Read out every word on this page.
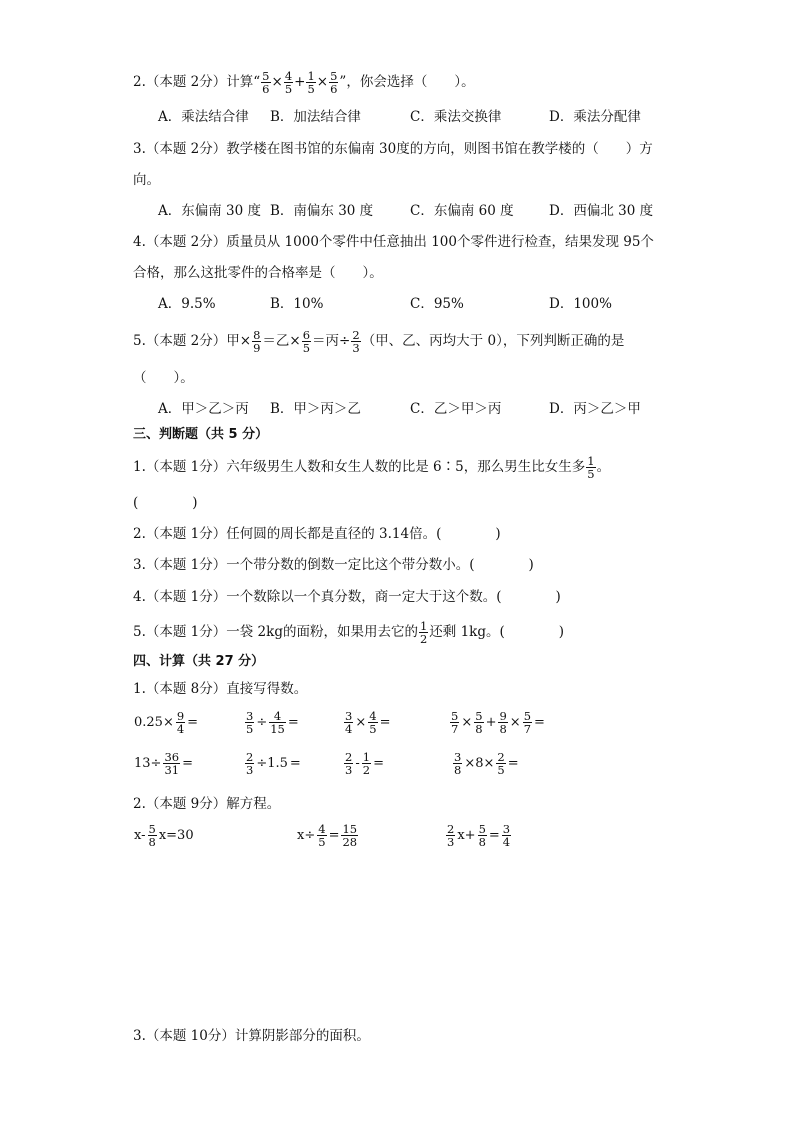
2.（本题 2分）计算“ $\frac{5}{6} \times \frac{4}{5} + \frac{1}{5} \times \frac{5}{6}$ ”，你会选择（　　）。
A．乘法结合律 B．加法结合律	C．乘法交换律	D．乘法分配律
3.（本题 2分）教学楼在图书馆的东偏南 30度的方向，则图书馆在教学楼的（　　）方
向。
A．东偏南 30 度 B．南偏东 30 度	C．东偏南 60 度	D．西偏北 30 度
4.（本题 2分）质量员从 1000个零件中任意抽出 100个零件进行检查，结果发现 95个
合格，那么这批零件的合格率是（　　）。
A．9.5%	B．10%	C．95%	D．100%
5.（本题 2分）甲× $\frac{8}{9}$ ＝乙× $\frac{6}{5}$ ＝丙÷ $\frac{2}{3}$ （甲、乙、丙均大于 0），下列判断正确的是
（　　）。
A．甲＞乙＞丙 B．甲＞丙＞乙	C．乙＞甲＞丙	D．丙＞乙＞甲
三、判断题（共 5 分）
1.（本题 1分）六年级男生人数和女生人数的比是 6∶5，那么男生比女生多 $\frac{1}{5}$ 。
(　　　　)
2.（本题 1分）任何圆的周长都是直径的 3.14倍。(　　　　)
3.（本题 1分）一个带分数的倒数一定比这个带分数小。(　　　　)
4.（本题 1分）一个数除以一个真分数，商一定大于这个数。(　　　　)
5.（本题 1分）一袋 2kg的面粉，如果用去它的 $\frac{1}{2}$ 还剩 1kg。(　　　　)
四、计算（共 27 分）
1.（本题 8分）直接写得数。
$0.25\times \frac{9}{4}$ =	$\frac{3}{5} \div \frac{4}{15}$ =	$\frac{3}{4} \times \frac{4}{5}$ =	$\frac{5}{7} \times \frac{5}{8} + \frac{9}{8} \times \frac{5}{7}$ =
$13\div \frac{36}{31}$ =	$\frac{2}{3} \div 1.5$ =	$\frac{2}{3} - \frac{1}{2}$ =	$\frac{3}{8} \times 8\times \frac{2}{5}$ =
2.（本题 9分）解方程。
$x- \frac{5}{8} x=30$	$x\div \frac{4}{5} = \frac{15}{28}$	$\frac{2}{3} x+ \frac{5}{8} = \frac{3}{4}$
3.（本题 10分）计算阴影部分的面积。
